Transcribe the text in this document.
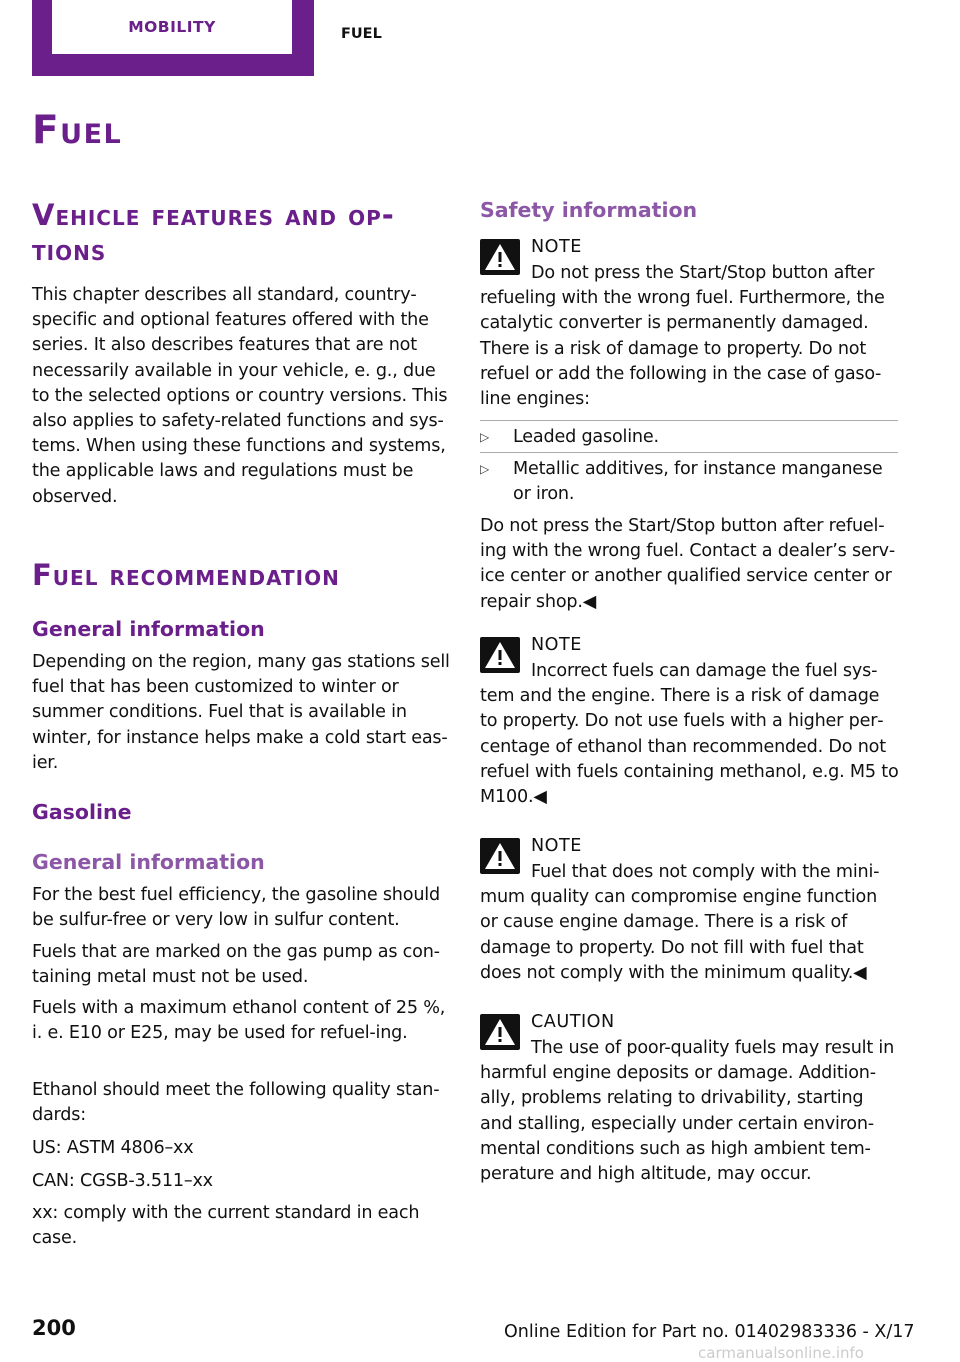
MOBILITY	FUEL
Fuel
Vehicle features and op‐ tions

This chapter describes all standard, country‐specific and optional features offered with the series. It also describes features that are not necessarily available in your vehicle, e. g., due to the selected options or country versions. This also applies to safety-related functions and sys‐tems. When using these functions and systems, the applicable laws and regulations must be observed.

Fuel recommendation
General information

Depending on the region, many gas stations sell fuel that has been customized to winter or summer conditions. Fuel that is available in winter, for instance helps make a cold start eas‐ier.

Gasoline
General information

For the best fuel efficiency, the gasoline should be sulfur-free or very low in sulfur content.

Fuels that are marked on the gas pump as con‐taining metal must not be used.

Fuels with a maximum ethanol content of 25 %, i. e. E10 or E25, may be used for refuel‐ing.

Ethanol should meet the following quality stan‐dards:

US: ASTM 4806–xx

CAN: CGSB-3.511–xx

xx: comply with the current standard in each case.

Safety information
NOTE

Do not press the Start/Stop button after refueling with the wrong fuel. Furthermore, the catalytic converter is permanently damaged. There is a risk of damage to property. Do not refuel or add the following in the case of gaso‐line engines:

▷ Leaded gasoline.

▷ Metallic additives, for instance manganese or iron.

Do not press the Start/Stop button after refuel‐ing with the wrong fuel. Contact a dealer’s serv‐ice center or another qualified service center or repair shop.◀

NOTE

Incorrect fuels can damage the fuel sys‐tem and the engine. There is a risk of damage to property. Do not use fuels with a higher per‐centage of ethanol than recommended. Do not refuel with fuels containing methanol, e.g. M5 to M100.◀

NOTE

Fuel that does not comply with the mini‐mum quality can compromise engine function or cause engine damage. There is a risk of damage to property. Do not fill with fuel that does not comply with the minimum quality.◀

CAUTION

The use of poor-quality fuels may result in harmful engine deposits or damage. Addition‐ally, problems relating to drivability, starting and stalling, especially under certain environ‐mental conditions such as high ambient tem‐perature and high altitude, may occur.

200	Online Edition for Part no. 01402983336 - X/17
carmanualsonline.info
